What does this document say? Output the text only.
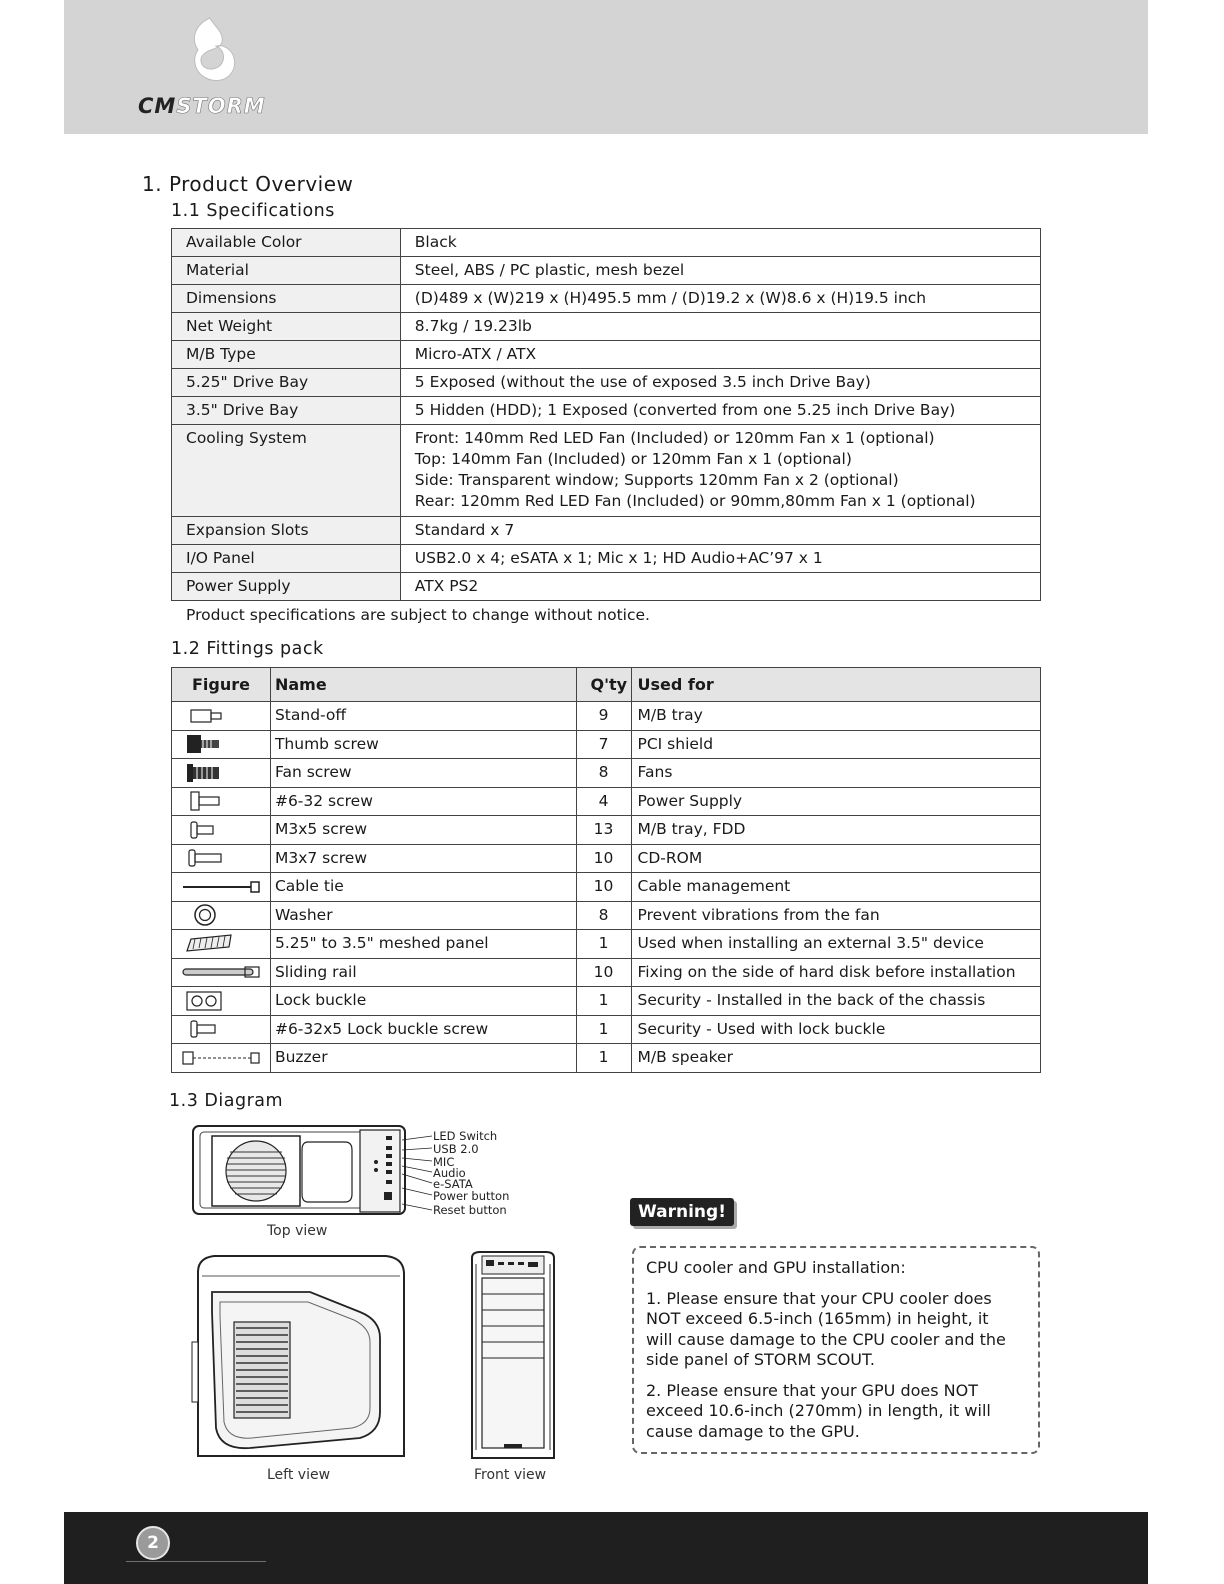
CMSTORM
1. Product Overview
1.1 Specifications
Available Color	Black
Material	Steel, ABS / PC plastic, mesh bezel
Dimensions	(D)489 x (W)219 x (H)495.5 mm / (D)19.2 x (W)8.6 x (H)19.5 inch
Net Weight	8.7kg / 19.23lb
M/B Type	Micro-ATX / ATX
5.25" Drive Bay	5 Exposed (without the use of exposed 3.5 inch Drive Bay)
3.5" Drive Bay	5 Hidden (HDD); 1 Exposed (converted from one 5.25 inch Drive Bay)
Cooling System	Front: 140mm Red LED Fan (Included) or 120mm Fan x 1 (optional)
Top: 140mm Fan (Included) or 120mm Fan x 1 (optional)
Side: Transparent window; Supports 120mm Fan x 2 (optional)
Rear: 120mm Red LED Fan (Included) or 90mm,80mm Fan x 1 (optional)

Expansion Slots	Standard x 7
I/O Panel	USB2.0 x 4; eSATA x 1; Mic x 1; HD Audio+AC’97 x 1
Power Supply	ATX PS2
Product specifications are subject to change without notice.
1.2 Fittings pack
Figure	Name	Q'ty	Used for
	Stand-off	9	M/B tray
	Thumb screw	7	PCI shield
	Fan screw	8	Fans
	#6-32 screw	4	Power Supply
	M3x5 screw	13	M/B tray, FDD
	M3x7 screw	10	CD-ROM
	Cable tie	10	Cable management
	Washer	8	Prevent vibrations from the fan
	5.25" to 3.5" meshed panel	1	Used when installing an external 3.5" device
	Sliding rail	10	Fixing on the side of hard disk before installation
	Lock buckle	1	Security - Installed in the back of the chassis
	#6-32x5 Lock buckle screw	1	Security - Used with lock buckle
	Buzzer	1	M/B speaker
1.3 Diagram
LED Switch
USB 2.0
MIC
Audio
e-SATA
Power button
Reset button
Top view
Left view	Front view
Warning!

CPU cooler and GPU installation:

1. Please ensure that your CPU cooler does

NOT exceed 6.5-inch (165mm) in height, it

will cause damage to the CPU cooler and the

side panel of STORM SCOUT.

2. Please ensure that your GPU does NOT

exceed 10.6-inch (270mm) in length, it will

cause damage to the GPU.

2
